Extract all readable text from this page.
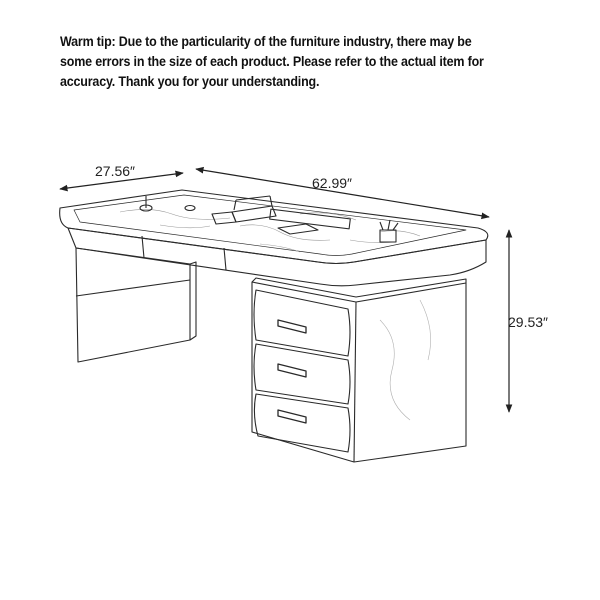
Warm tip: Due to the particularity of the furniture industry, there may be
some errors in the size of each product. Please refer to the actual item for
accuracy. Thank you for your understanding.
27.56″
62.99″
29.53″
